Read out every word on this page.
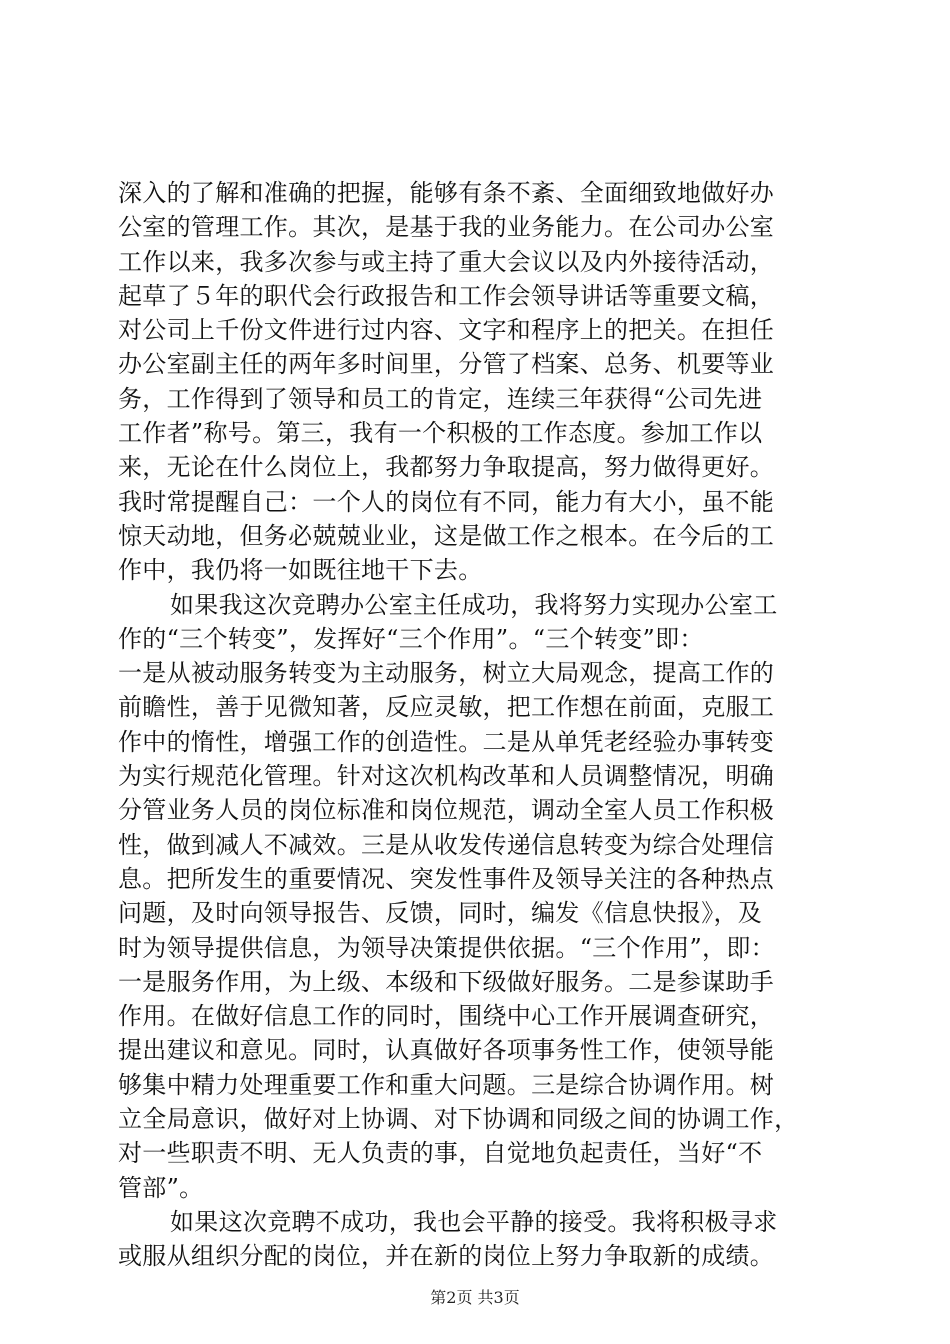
深入的了解和准确的把握，能够有条不紊、全面细致地做好办
公室的管理工作。其次，是基于我的业务能力。在公司办公室
工作以来，我多次参与或主持了重大会议以及内外接待活动，
起草了５年的职代会行政报告和工作会领导讲话等重要文稿，
对公司上千份文件进行过内容、文字和程序上的把关。在担任
办公室副主任的两年多时间里，分管了档案、总务、机要等业
务，工作得到了领导和员工的肯定，连续三年获得“公司先进
工作者”称号。第三，我有一个积极的工作态度。参加工作以
来，无论在什么岗位上，我都努力争取提高，努力做得更好。
我时常提醒自己：一个人的岗位有不同，能力有大小，虽不能
惊天动地，但务必兢兢业业，这是做工作之根本。在今后的工
作中，我仍将一如既往地干下去。
如果我这次竞聘办公室主任成功，我将努力实现办公室工
作的“三个转变”，发挥好“三个作用”。“三个转变”即：
一是从被动服务转变为主动服务，树立大局观念，提高工作的
前瞻性，善于见微知著，反应灵敏，把工作想在前面，克服工
作中的惰性，增强工作的创造性。二是从单凭老经验办事转变
为实行规范化管理。针对这次机构改革和人员调整情况，明确
分管业务人员的岗位标准和岗位规范，调动全室人员工作积极
性，做到减人不减效。三是从收发传递信息转变为综合处理信
息。把所发生的重要情况、突发性事件及领导关注的各种热点
问题，及时向领导报告、反馈，同时，编发《信息快报》，及
时为领导提供信息，为领导决策提供依据。“三个作用”，即：
一是服务作用，为上级、本级和下级做好服务。二是参谋助手
作用。在做好信息工作的同时，围绕中心工作开展调查研究，
提出建议和意见。同时，认真做好各项事务性工作，使领导能
够集中精力处理重要工作和重大问题。三是综合协调作用。树
立全局意识，做好对上协调、对下协调和同级之间的协调工作，
对一些职责不明、无人负责的事，自觉地负起责任，当好“不
管部”。
如果这次竞聘不成功，我也会平静的接受。我将积极寻求
或服从组织分配的岗位，并在新的岗位上努力争取新的成绩。
第2页 共3页
